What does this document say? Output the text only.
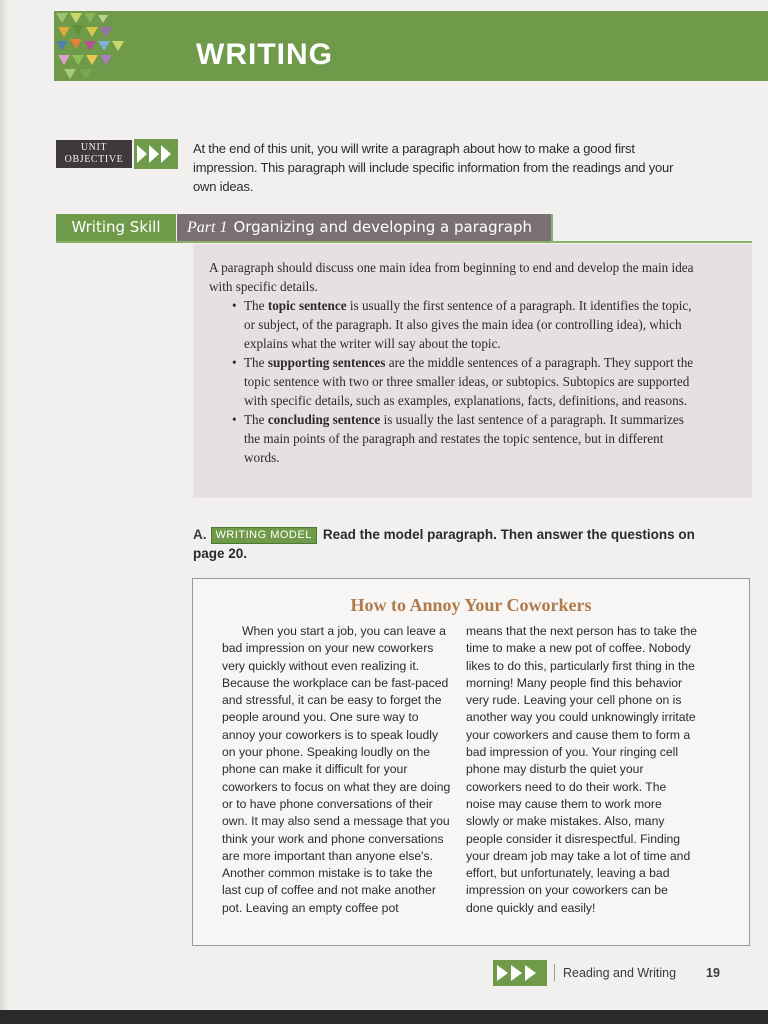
WRITING
UNIT
OBJECTIVE

At the end of this unit, you will write a paragraph about how to make a good first impression. This paragraph will include specific information from the readings and your own ideas.

Writing Skill	Part 1 Organizing and developing a paragraph

A paragraph should discuss one main idea from beginning to end and develop the main idea with specific details.

• The topic sentence is usually the first sentence of a paragraph. It identifies the topic, or subject, of the paragraph. It also gives the main idea (or controlling idea), which explains what the writer will say about the topic.
• The supporting sentences are the middle sentences of a paragraph. They support the topic sentence with two or three smaller ideas, or subtopics. Subtopics are supported with specific details, such as examples, explanations, facts, definitions, and reasons.
• The concluding sentence is usually the last sentence of a paragraph. It summarizes the main points of the paragraph and restates the topic sentence, but in different words.
A. WRITING MODEL Read the model paragraph. Then answer the questions on page 20.
How to Annoy Your Coworkers

When you start a job, you can leave a bad impression on your new coworkers very quickly without even realizing it. Because the workplace can be fast-paced and stressful, it can be easy to forget the people around you. One sure way to annoy your coworkers is to speak loudly on your phone. Speaking loudly on the phone can make it difficult for your coworkers to focus on what they are doing or to have phone conversations of their own. It may also send a message that you think your work and phone conversations are more important than anyone else's. Another common mistake is to take the last cup of coffee and not make another pot. Leaving an empty coffee pot

means that the next person has to take the time to make a new pot of coffee. Nobody likes to do this, particularly first thing in the morning! Many people find this behavior very rude. Leaving your cell phone on is another way you could unknowingly irritate your coworkers and cause them to form a bad impression of you. Your ringing cell phone may disturb the quiet your coworkers need to do their work. The noise may cause them to work more slowly or make mistakes. Also, many people consider it disrespectful. Finding your dream job may take a lot of time and effort, but unfortunately, leaving a bad impression on your coworkers can be done quickly and easily!

Reading and Writing 19
